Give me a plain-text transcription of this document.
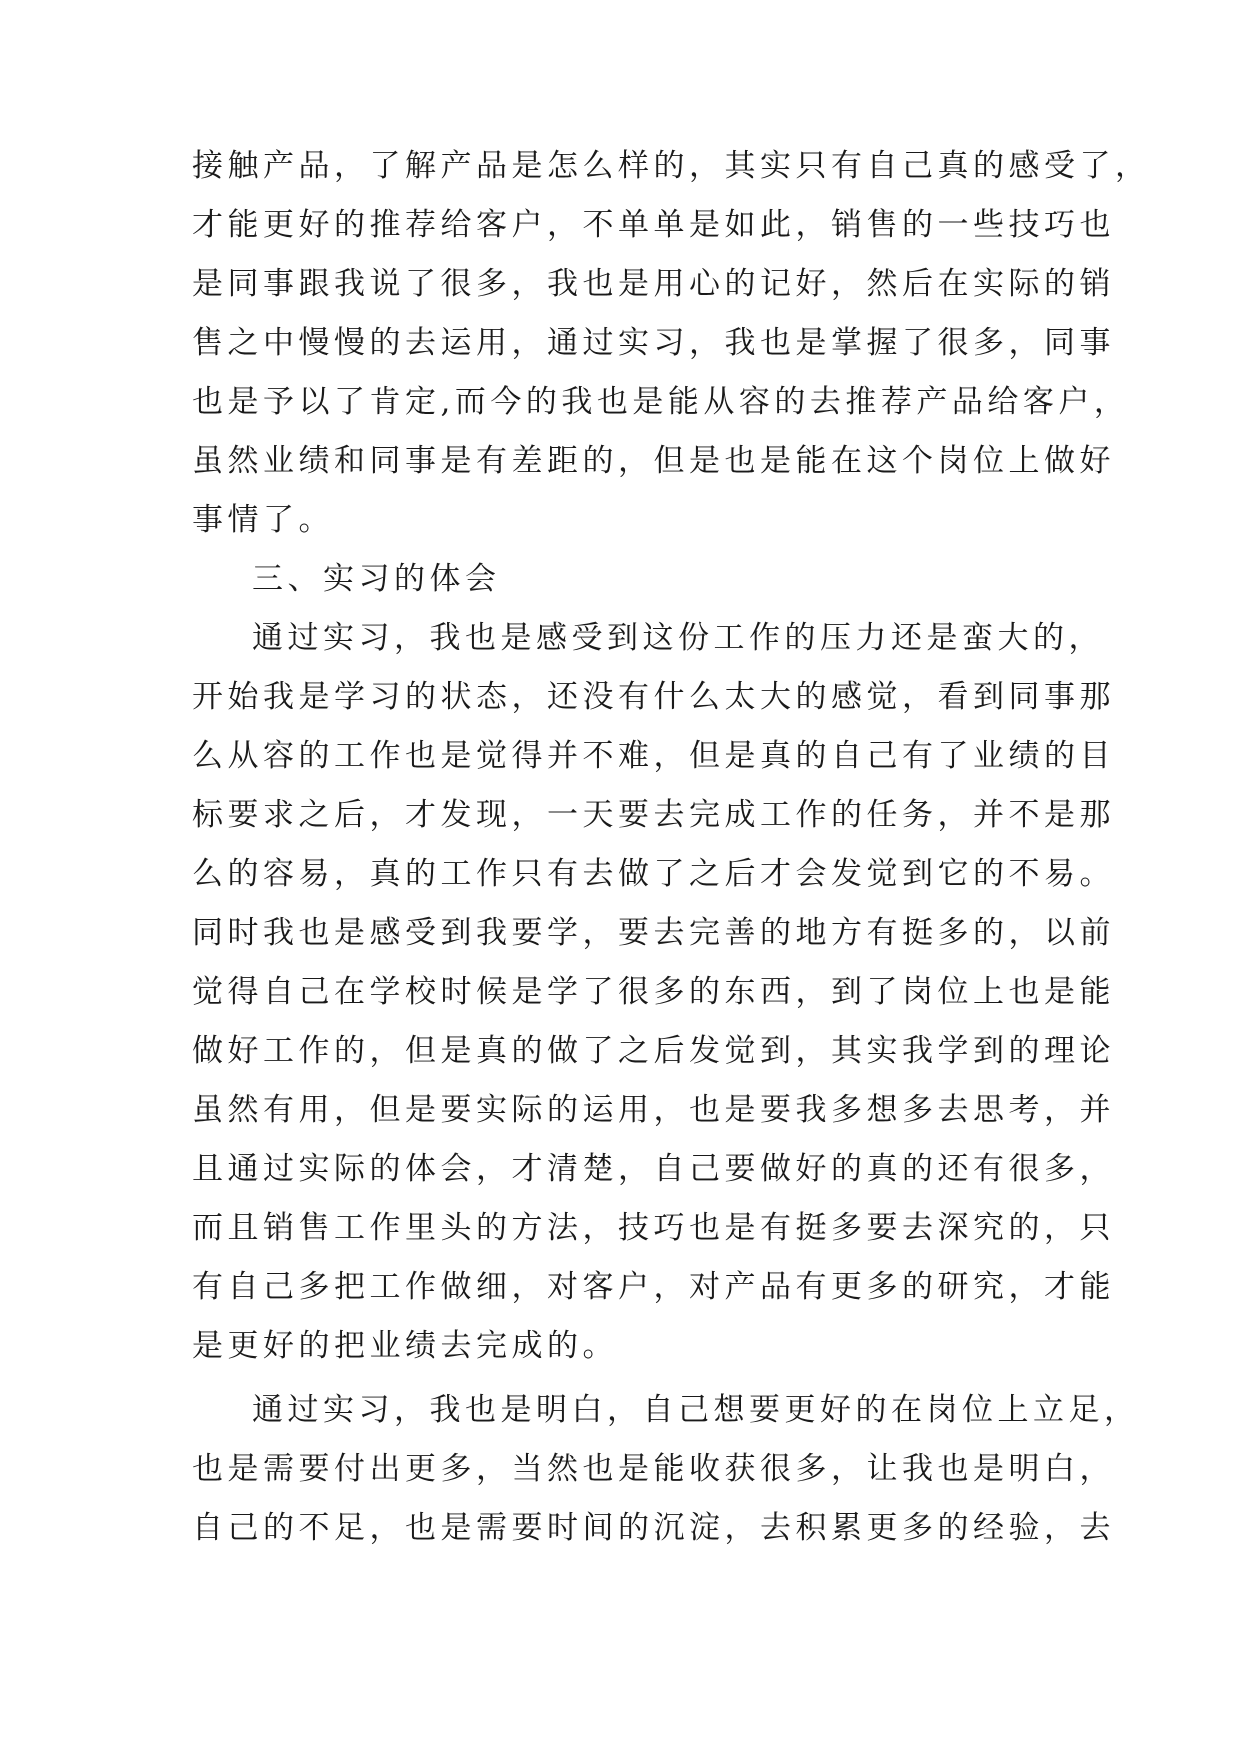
接触产品，了解产品是怎么样的，其实只有自己真的感受了，
才能更好的推荐给客户，不单单是如此，销售的一些技巧也
是同事跟我说了很多，我也是用心的记好，然后在实际的销
售之中慢慢的去运用，通过实习，我也是掌握了很多，同事
也是予以了肯定,而今的我也是能从容的去推荐产品给客户，
虽然业绩和同事是有差距的，但是也是能在这个岗位上做好
事情了。
三、实习的体会
通过实习，我也是感受到这份工作的压力还是蛮大的，
开始我是学习的状态，还没有什么太大的感觉，看到同事那
么从容的工作也是觉得并不难，但是真的自己有了业绩的目
标要求之后，才发现，一天要去完成工作的任务，并不是那
么的容易，真的工作只有去做了之后才会发觉到它的不易。
同时我也是感受到我要学，要去完善的地方有挺多的，以前
觉得自己在学校时候是学了很多的东西，到了岗位上也是能
做好工作的，但是真的做了之后发觉到，其实我学到的理论
虽然有用，但是要实际的运用，也是要我多想多去思考，并
且通过实际的体会，才清楚，自己要做好的真的还有很多，
而且销售工作里头的方法，技巧也是有挺多要去深究的，只
有自己多把工作做细，对客户，对产品有更多的研究，才能
是更好的把业绩去完成的。
通过实习，我也是明白，自己想要更好的在岗位上立足，
也是需要付出更多，当然也是能收获很多，让我也是明白，
自己的不足，也是需要时间的沉淀，去积累更多的经验，去
